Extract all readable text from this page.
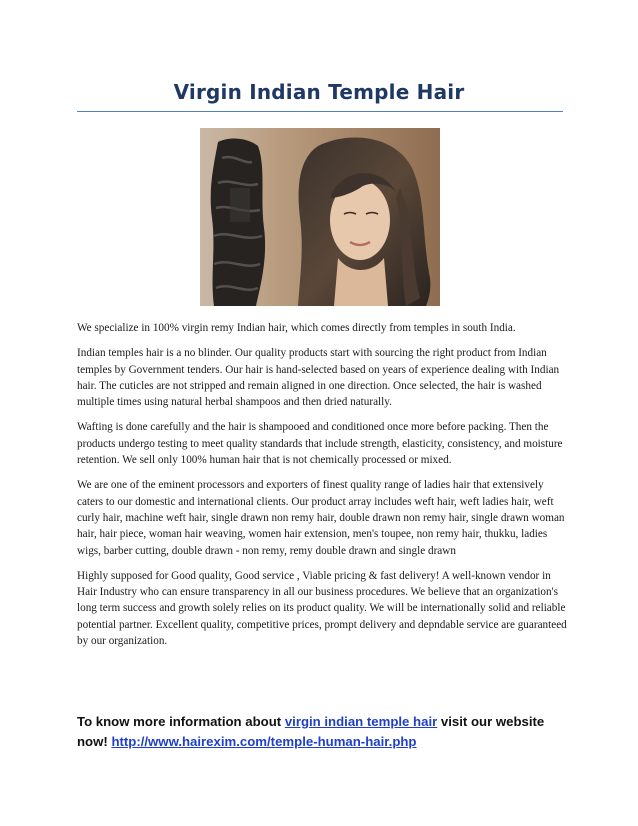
Virgin Indian Temple Hair

We specialize in 100% virgin remy Indian hair, which comes directly from temples in south India.

Indian temples hair is a no blinder. Our quality products start with sourcing the right product from Indian temples by Government tenders. Our hair is hand-selected based on years of experience dealing with Indian hair. The cuticles are not stripped and remain aligned in one direction. Once selected, the hair is washed multiple times using natural herbal shampoos and then dried naturally.

Wafting is done carefully and the hair is shampooed and conditioned once more before packing. Then the products undergo testing to meet quality standards that include strength, elasticity, consistency, and moisture retention. We sell only 100% human hair that is not chemically processed or mixed.

We are one of the eminent processors and exporters of finest quality range of ladies hair that extensively caters to our domestic and international clients. Our product array includes weft hair, weft ladies hair, weft curly hair, machine weft hair, single drawn non remy hair, double drawn non remy hair, single drawn woman hair, hair piece, woman hair weaving, women hair extension, men's toupee, non remy hair, thukku, ladies wigs, barber cutting, double drawn - non remy, remy double drawn and single drawn

Highly supposed for Good quality, Good service , Viable pricing & fast delivery! A well-known vendor in Hair Industry who can ensure transparency in all our business procedures. We believe that an organization's long term success and growth solely relies on its product quality. We will be internationally solid and reliable potential partner. Excellent quality, competitive prices, prompt delivery and depndable service are guaranteed by our organization.

To know more information about virgin indian temple hair visit our website now! http://www.hairexim.com/temple-human-hair.php
